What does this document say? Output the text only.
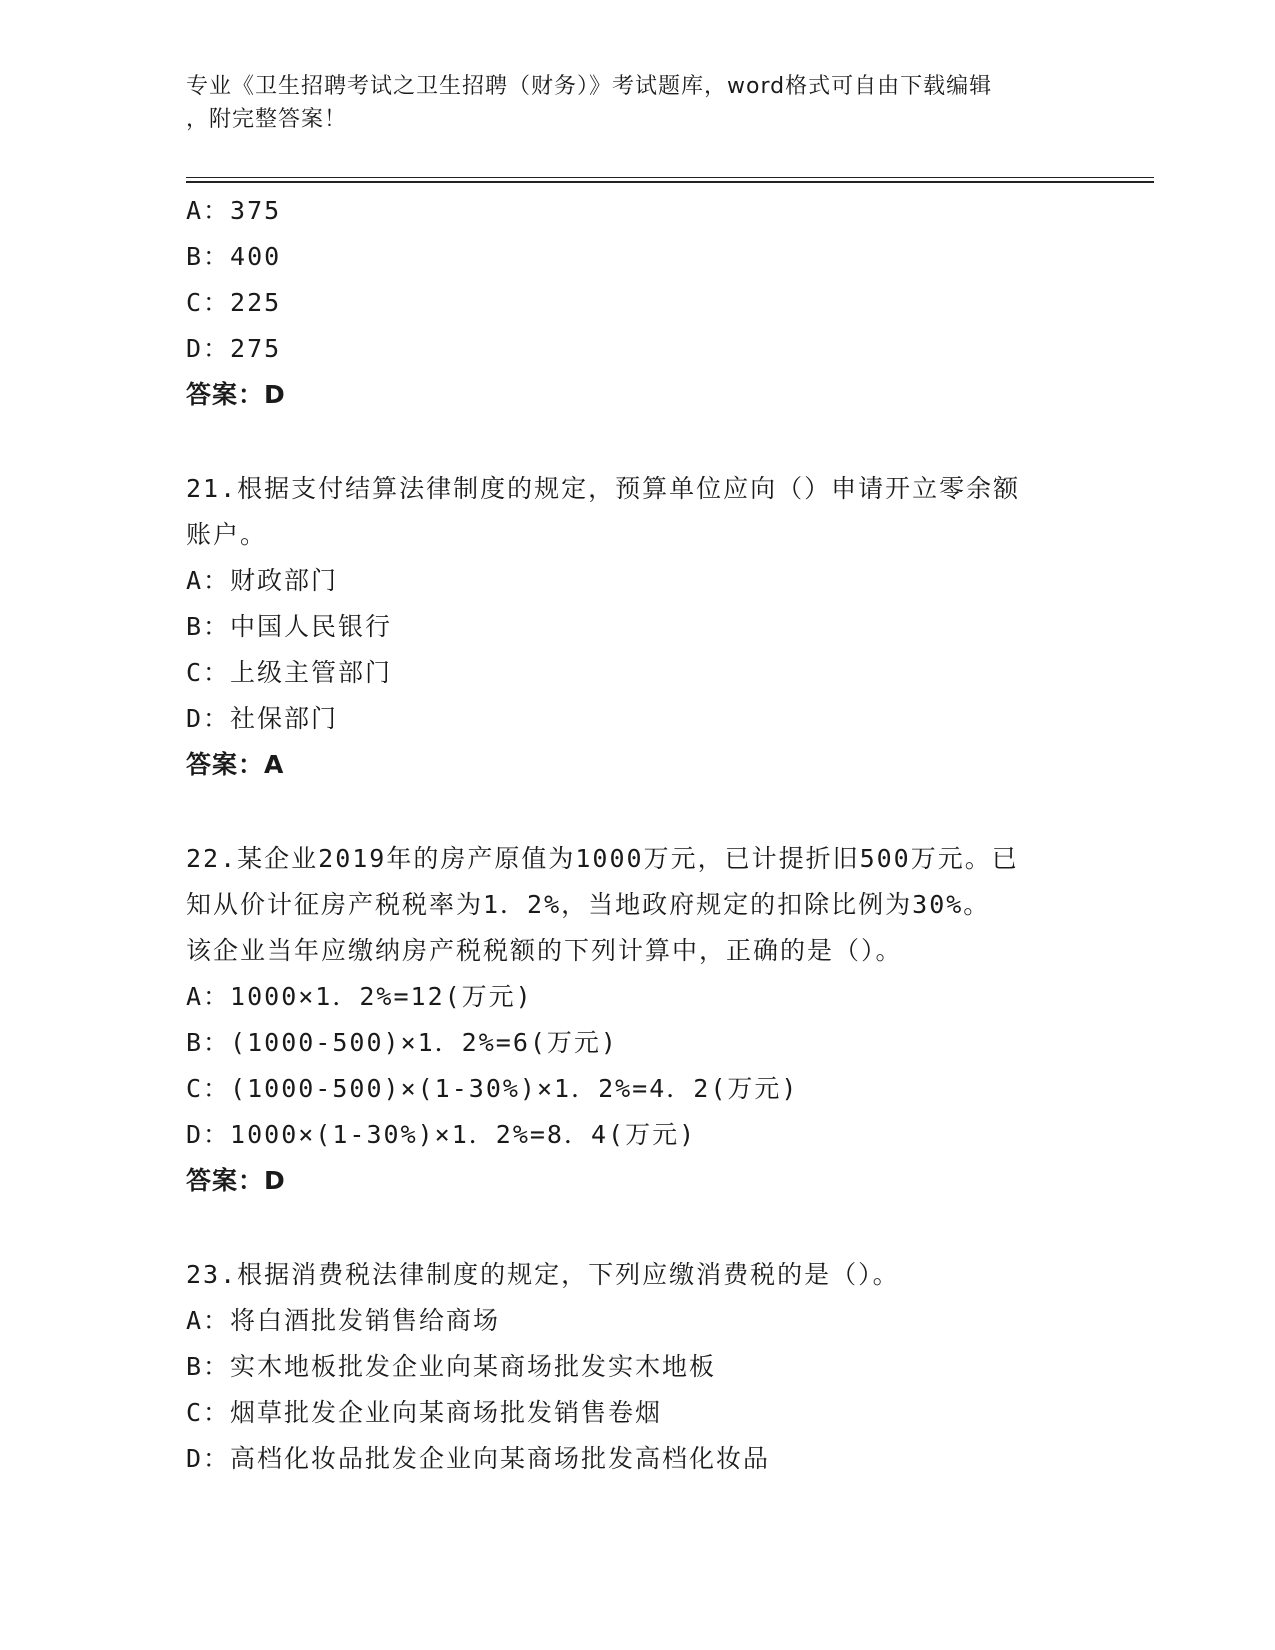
专业《卫生招聘考试之卫生招聘（财务）》考试题库，word格式可自由下载编辑
，附完整答案！
A：375
B：400
C：225
D：275
答案：D
21.根据支付结算法律制度的规定，预算单位应向（）申请开立零余额
账户。
A：财政部门
B：中国人民银行
C：上级主管部门
D：社保部门
答案：A
22.某企业2019年的房产原值为1000万元，已计提折旧500万元。已
知从价计征房产税税率为1．2%，当地政府规定的扣除比例为30%。
该企业当年应缴纳房产税税额的下列计算中，正确的是（）。
A：1000×1．2%=12(万元)
B：(1000-500)×1．2%=6(万元)
C：(1000-500)×(1-30%)×1．2%=4．2(万元)
D：1000×(1-30%)×1．2%=8．4(万元)
答案：D
23.根据消费税法律制度的规定，下列应缴消费税的是（）。
A：将白酒批发销售给商场
B：实木地板批发企业向某商场批发实木地板
C：烟草批发企业向某商场批发销售卷烟
D：高档化妆品批发企业向某商场批发高档化妆品
